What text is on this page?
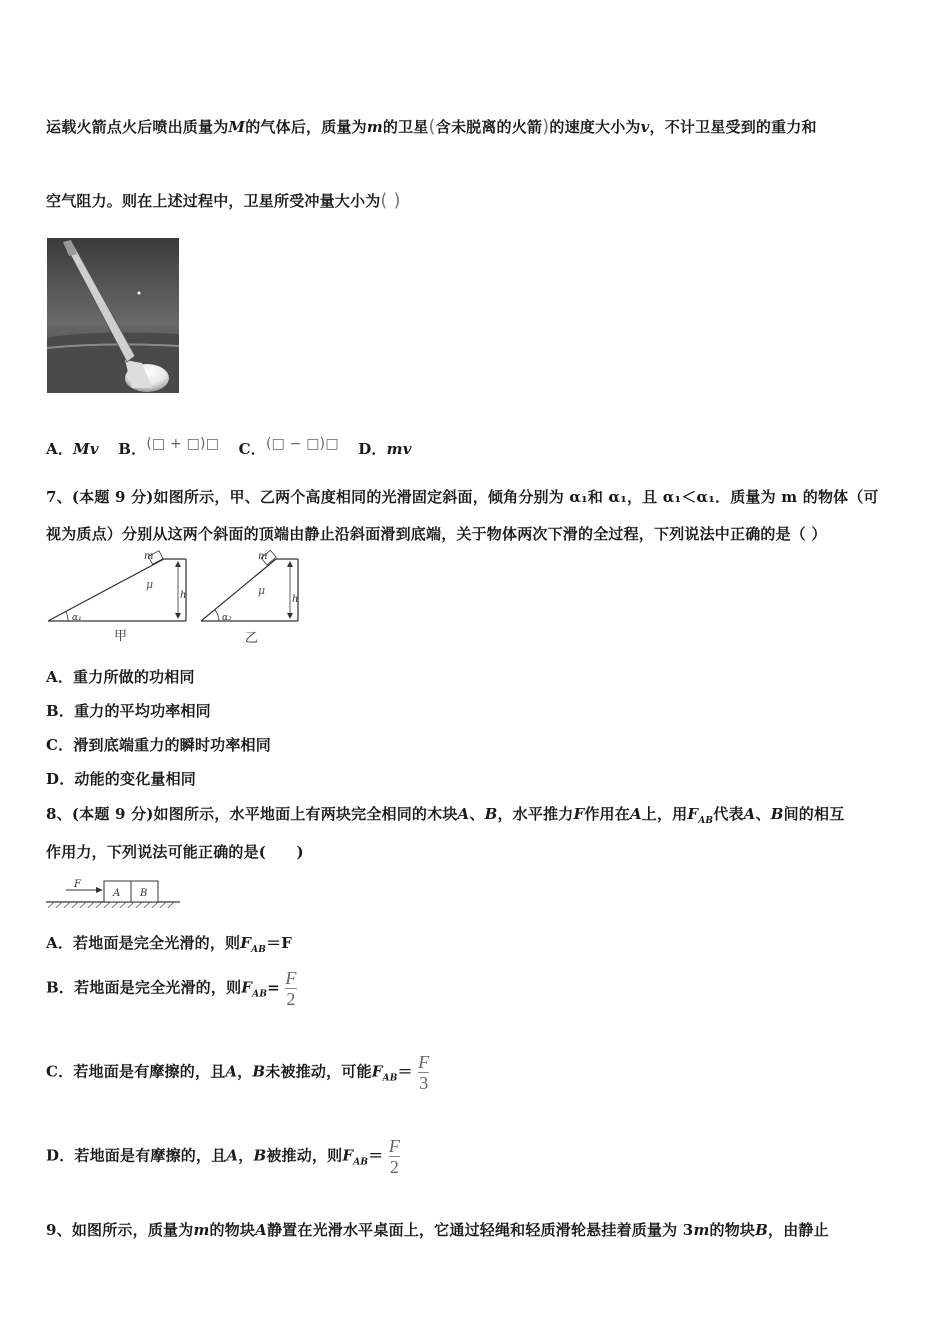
运载火箭点火后喷出质量为M的气体后，质量为m的卫星(含未脱离的火箭)的速度大小为v，不计卫星受到的重力和
空气阻力。则在上述过程中，卫星所受冲量大小为( )
A．Mv B．(□ + □)□ C．(□ − □)□ D．mv
7、(本题 9 分)如图所示，甲、乙两个高度相同的光滑固定斜面，倾角分别为 α₁和 α₁，且 α₁＜α₁．质量为 m 的物体（可
视为质点）分别从这两个斜面的顶端由静止沿斜面滑到底端，关于物体两次下滑的全过程，下列说法中正确的是（ ）
m
μ
h
α₁
甲
m
μ
h
α₂
乙
A．重力所做的功相同
B．重力的平均功率相同
C．滑到底端重力的瞬时功率相同
D．动能的变化量相同
8、(本题 9 分)如图所示，水平地面上有两块完全相同的木块A、B，水平推力F作用在A上，用$F_{AB}$代表A、B间的相互
作用力，下列说法可能正确的是(　　)
F
A B
A．若地面是完全光滑的，则$F_{AB}=F$
B．若地面是完全光滑的，则$F_{AB}= \frac{F}{2}$
C．若地面是有摩擦的，且A，B未被推动，可能$F_{AB}= \frac{F}{3}$
D．若地面是有摩擦的，且A，B被推动，则$F_{AB}= \frac{F}{2}$
9、如图所示，质量为m的物块A静置在光滑水平桌面上，它通过轻绳和轻质滑轮悬挂着质量为 3m的物块B，由静止
